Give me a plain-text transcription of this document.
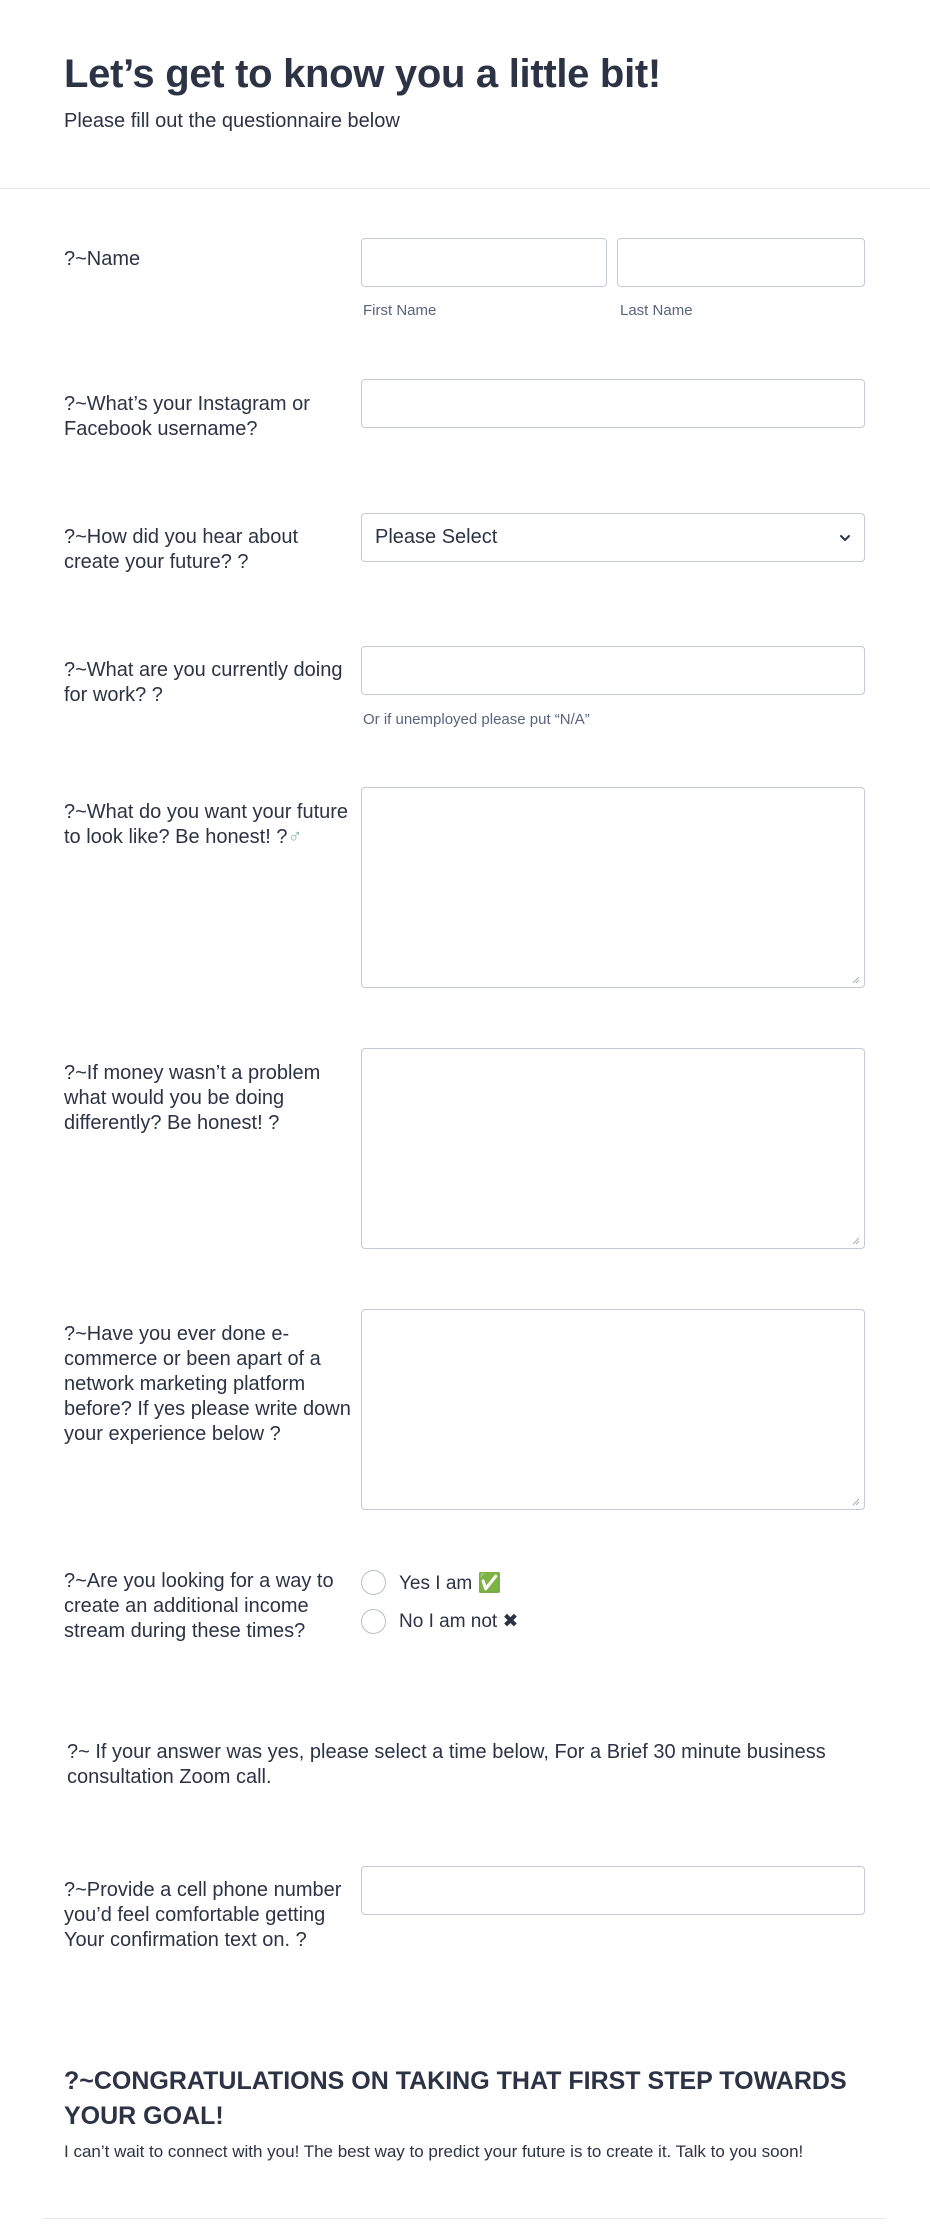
Let’s get to know you a little bit!
Please fill out the questionnaire below
?~Name
First Name	Last Name
?~What’s your Instagram or Facebook username?
?~How did you hear about create your future? ?
Please Select
?~What are you currently doing for work? ?
Or if unemployed please put “N/A”
?~What do you want your future to look like? Be honest! ?♂
?~If money wasn’t a problem what would you be doing differently? Be honest! ?
?~Have you ever done e-commerce or been apart of a network marketing platform before? If yes please write down your experience below ?
?~Are you looking for a way to create an additional income stream during these times?
Yes I am ✅
No I am not ✖
?~ If your answer was yes, please select a time below, For a Brief 30 minute business consultation Zoom call.
?~Provide a cell phone number you’d feel comfortable getting Your confirmation text on. ?
?~CONGRATULATIONS ON TAKING THAT FIRST STEP TOWARDS YOUR GOAL!
I can’t wait to connect with you! The best way to predict your future is to create it. Talk to you soon!
